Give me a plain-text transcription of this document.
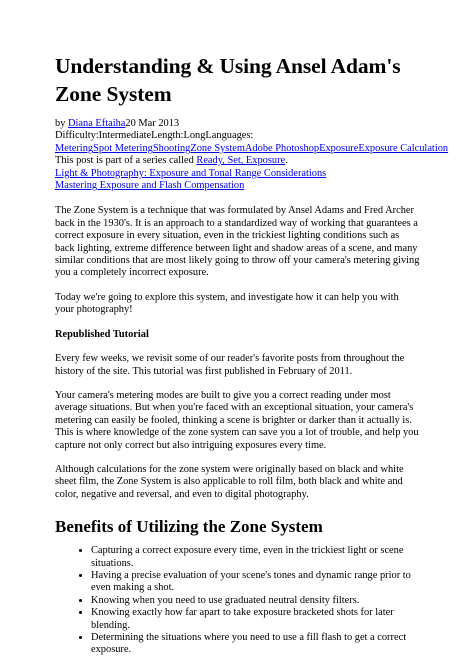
Understanding & Using Ansel Adam's Zone System
by Diana Eftaiha20 Mar 2013
Difficulty:IntermediateLength:LongLanguages:
MeteringSpot MeteringShootingZone SystemAdobe PhotoshopExposureExposure Calculation
This post is part of a series called Ready, Set, Exposure.
Light & Photography: Exposure and Tonal Range Considerations
Mastering Exposure and Flash Compensation

The Zone System is a technique that was formulated by Ansel Adams and Fred Archer back in the 1930's. It is an approach to a standardized way of working that guarantees a correct exposure in every situation, even in the trickiest lighting conditions such as back lighting, extreme difference between light and shadow areas of a scene, and many similar conditions that are most likely going to throw off your camera's metering giving you a completely incorrect exposure.

Today we're going to explore this system, and investigate how it can help you with your photography!

Republished Tutorial

Every few weeks, we revisit some of our reader's favorite posts from throughout the history of the site. This tutorial was first published in February of 2011.

Your camera's metering modes are built to give you a correct reading under most average situations. But when you're faced with an exceptional situation, your camera's metering can easily be fooled, thinking a scene is brighter or darker than it actually is. This is where knowledge of the zone system can save you a lot of trouble, and help you capture not only correct but also intriguing exposures every time.

Although calculations for the zone system were originally based on black and white sheet film, the Zone System is also applicable to roll film, both black and white and color, negative and reversal, and even to digital photography.

Benefits of Utilizing the Zone System
• Capturing a correct exposure every time, even in the trickiest light or scene situations.
• Having a precise evaluation of your scene's tones and dynamic range prior to even making a shot.
• Knowing when you need to use graduated neutral density filters.
• Knowing exactly how far apart to take exposure bracketed shots for later blending.
• Determining the situations where you need to use a fill flash to get a correct exposure.
